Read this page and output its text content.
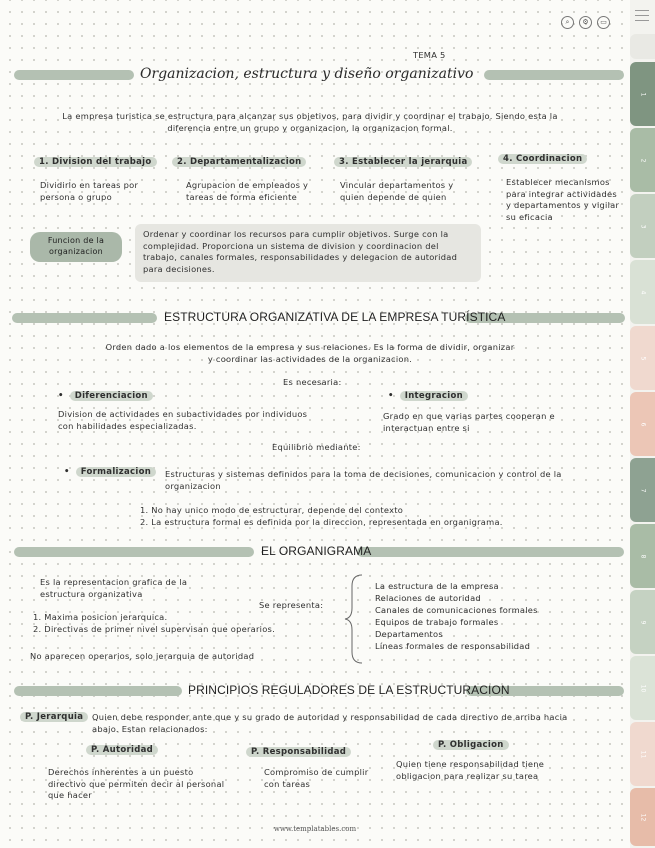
⌕	⚙	▭
TEMA 5
Organizacion, estructura y diseño organizativo
La empresa turistica se estructura para alcanzar sus objetivos, para dividir y coordinar el trabajo. Siendo esta la diferencia entre un grupo y organizacion, la organizacion formal.
1. Division del trabajo
Dividirlo en tareas por persona o grupo
2. Departamentalizacion
Agrupacion de empleados y tareas de forma eficiente
3. Establecer la jerarquia
Vincular departamentos y quien depende de quien
4. Coordinacion
Establecer mecanismos para integrar actividades y departamentos y vigilar su eficacia
Funcion de la organizacion
Ordenar y coordinar los recursos para cumplir objetivos. Surge con la complejidad. Proporciona un sistema de division y coordinacion del trabajo, canales formales, responsabilidades y delegacion de autoridad para decisiones.
ESTRUCTURA ORGANIZATIVA DE LA EMPRESA TURÍSTICA
Orden dado a los elementos de la empresa y sus relaciones. Es la forma de dividir, organizar y coordinar las actividades de la organizacion.
Es necesaria:
• Diferenciacion
Division de actividades en subactividades por individuos con habilidades especializadas.
• Integracion
Grado en que varias partes cooperan e interactuan entre si
Equilibrio mediante:
• Formalizacion	Estructuras y sistemas definidos para la toma de decisiones, comunicacion y control de la organizacion
1. No hay unico modo de estructurar, depende del contexto
2. La estructura formal es definida por la direccion, representada en organigrama.
EL ORGANIGRAMA
Es la representacion grafica de la estructura organizativa
1. Maxima posicion jerarquica.
2. Directivas de primer nivel supervisan que operarios.
No aparecen operarios, solo jerarquia de autoridad
Se representa:
La estructura de la empresa
Relaciones de autoridad
Canales de comunicaciones formales
Equipos de trabajo formales
Departamentos
Líneas formales de responsabilidad
PRINCIPIOS REGULADORES DE LA ESTRUCTURACION
P. Jerarquia	Quien debe responder ante que y su grado de autoridad y responsabilidad de cada directivo de arriba hacia abajo. Estan relacionados:
P. Autoridad
Derechos inherentes a un puesto directivo que permiten decir al personal que hacer
P. Responsabilidad
Compromiso de cumplir con tareas
P. Obligacion
Quien tiene responsabilidad tiene obligacion para realizar su tarea
www.templatables.com
1
2
3
4
5
6
7
8
9
10
11
12
